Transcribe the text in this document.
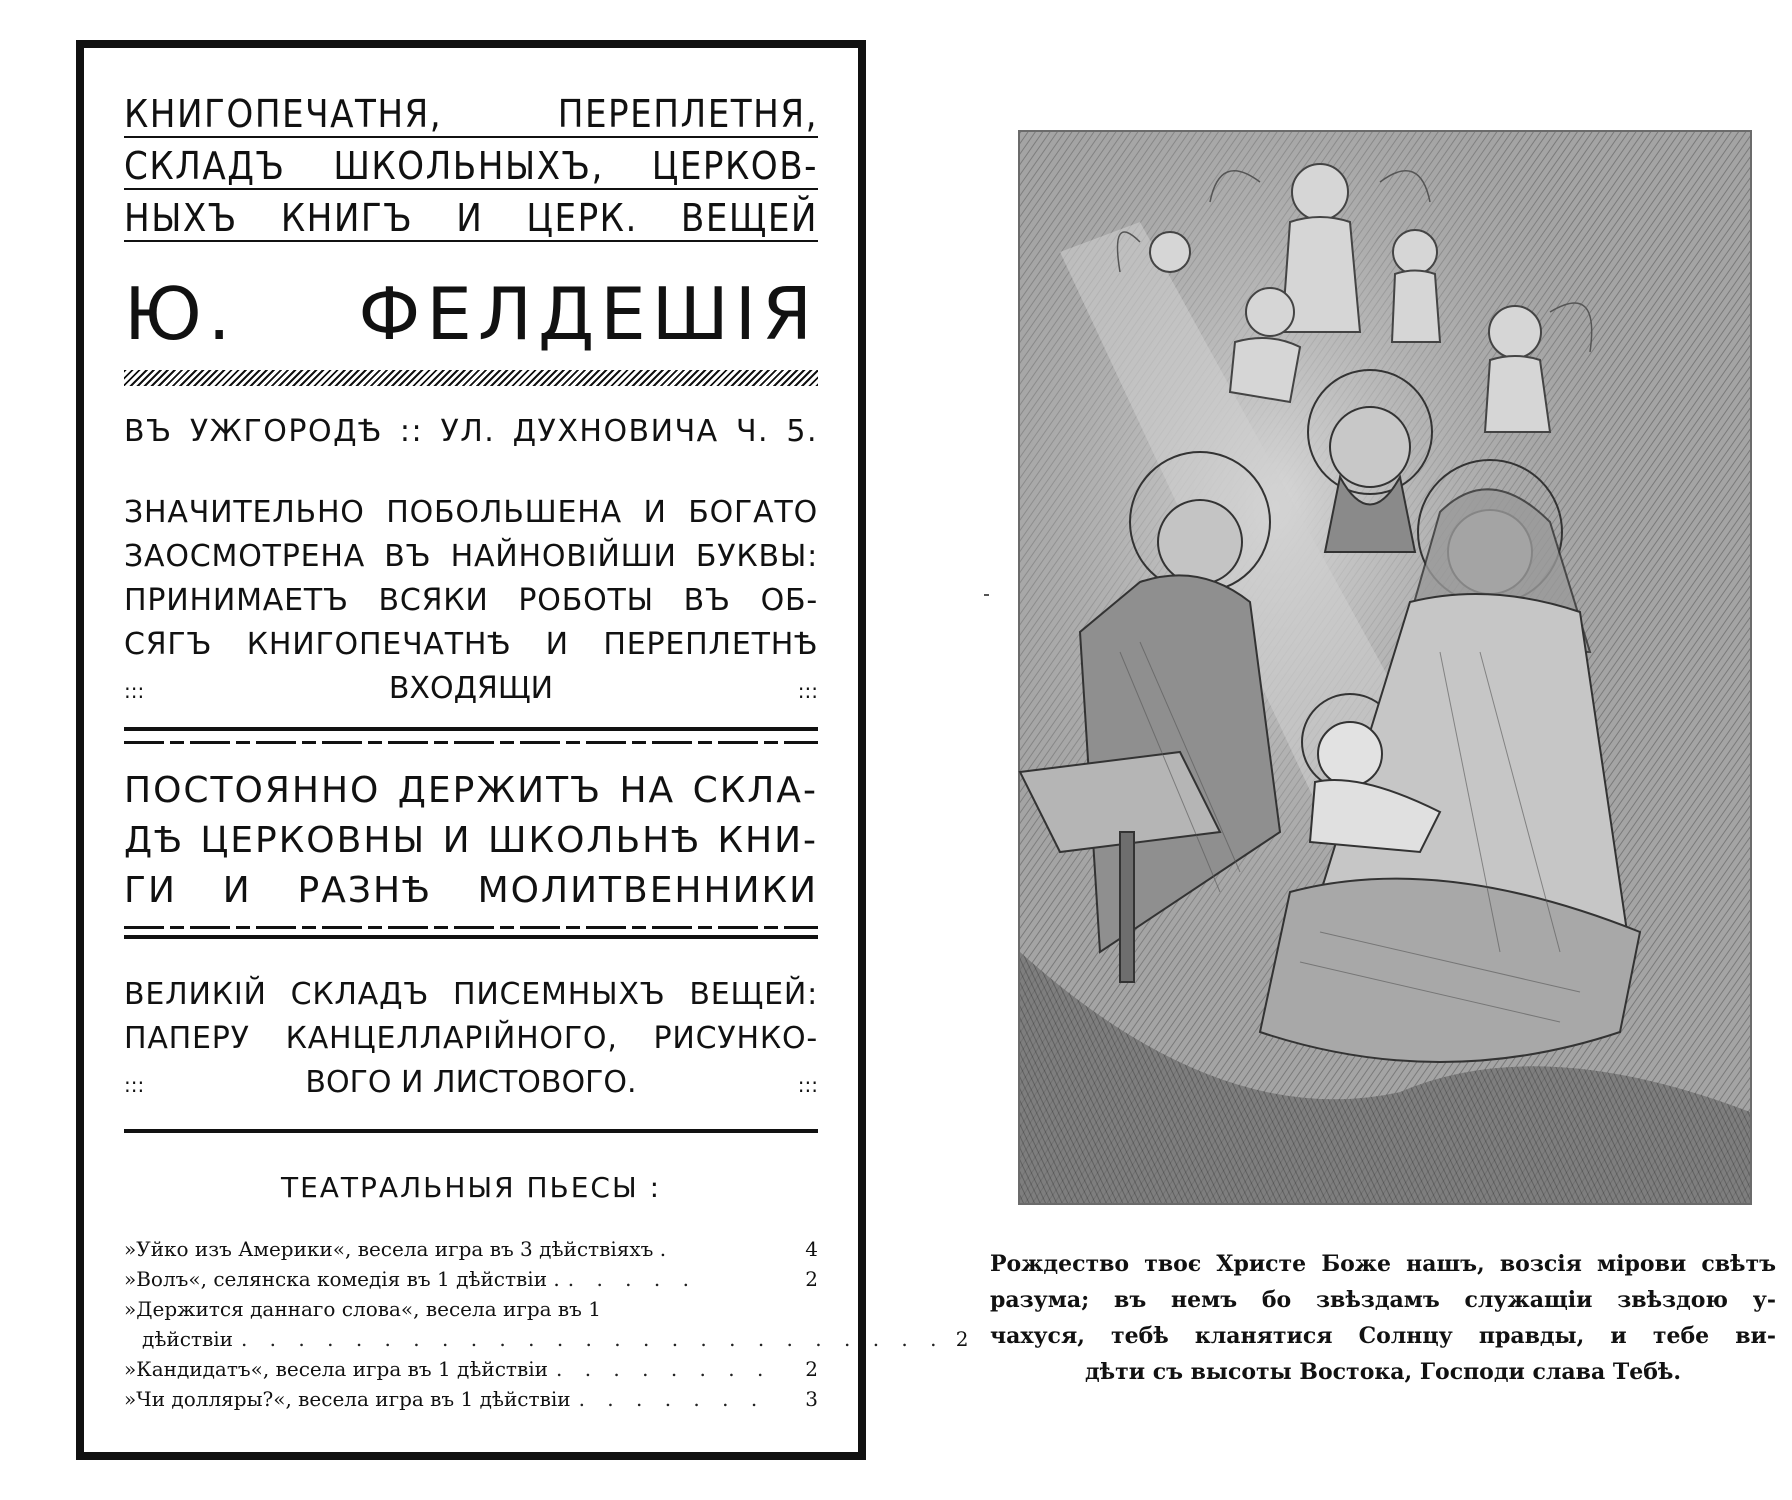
КНИГОПЕЧАТНЯ, ПЕРЕПЛЕТНЯ,
СКЛАДЪ ШКОЛЬНЫХЪ, ЦЕРКОВ-
НЫХЪ КНИГЪ И ЦЕРК. ВЕЩЕЙ
Ю. ФЕЛДЕШІЯ
ВЪ УЖГОРОДѢ :: УЛ. ДУХНОВИЧА Ч. 5.
ЗНАЧИТЕЛЬНО ПОБОЛЬШЕНА И БОГАТО
ЗАОСМОТРЕНА ВЪ НАЙНОВІЙШИ БУКВЫ:
ПРИНИМАЕТЪ ВСЯКИ РОБОТЫ ВЪ ОБ-
СЯГЪ КНИГОПЕЧАТНѢ И ПЕРЕПЛЕТНѢ
:::	ВХОДЯЩИ	:::
ПОСТОЯННО ДЕРЖИТЪ НА СКЛА-
ДѢ ЦЕРКОВНЫ И ШКОЛЬНѢ КНИ-
ГИ И РАЗНѢ МОЛИТВЕННИКИ
ВЕЛИКІЙ СКЛАДЪ ПИСЕМНЫХЪ ВЕЩЕЙ:
ПАПЕРУ КАНЦЕЛЛАРІЙНОГО, РИСУНКО-
:::	ВОГО И ЛИСТОВОГО.	:::
ТЕАТРАЛЬНЫЯ ПЬЕСЫ :
»Уйко изъ Америки«, весела игра въ 3 дѣйствіяхъ .	4
»Волъ«, селянска комедія въ 1 дѣйствіи . . . . . .	2
»Держится даннаго слова«, весела игра въ 1
дѣйствіи . . . . . . . . . . . . . . . . . . . . . . . . . 2
»Кандидатъ«, весела игра въ 1 дѣйствіи . . . . . . . .	2
»Чи долляры?«, весела игра въ 1 дѣйствіи . . . . . . .	3
Рождество твоє Христе Боже нашъ, возсія мірови свѣтъ
разума; въ немъ бо звѣздамъ служащіи звѣздою у-
чахуся, тебѣ кланятися Солнцу правды, и тебе ви-
дѣти съ высоты Востока, Господи слава Тебѣ.
